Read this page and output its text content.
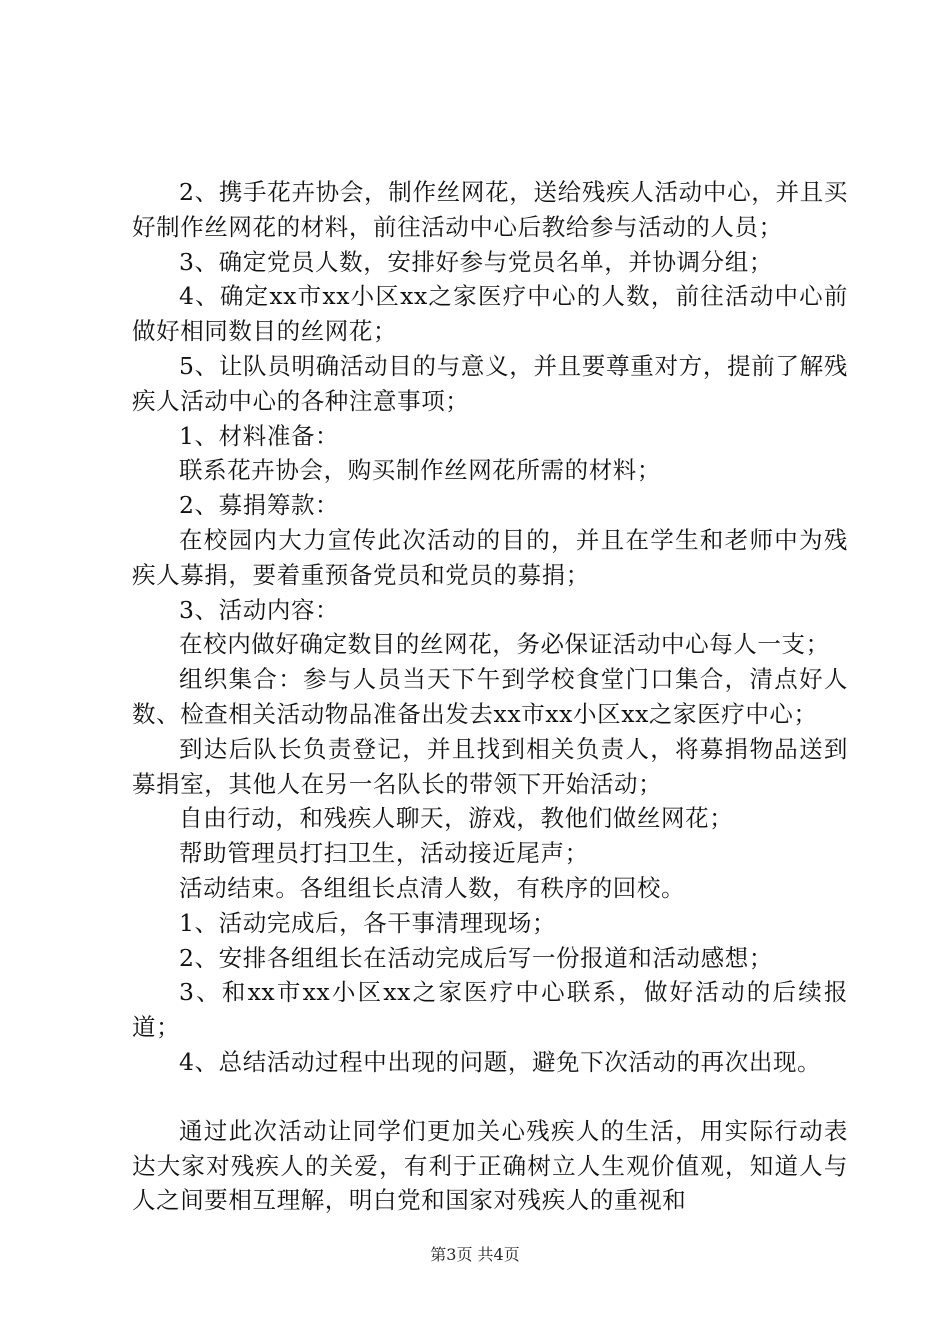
2、携手花卉协会，制作丝网花，送给残疾人活动中心，并且买好制作丝网花的材料，前往活动中心后教给参与活动的人员；

3、确定党员人数，安排好参与党员名单，并协调分组；

4、确定xx市xx小区xx之家医疗中心的人数，前往活动中心前做好相同数目的丝网花；

5、让队员明确活动目的与意义，并且要尊重对方，提前了解残疾人活动中心的各种注意事项；

1、材料准备：

联系花卉协会，购买制作丝网花所需的材料；

2、募捐筹款：

在校园内大力宣传此次活动的目的，并且在学生和老师中为残疾人募捐，要着重预备党员和党员的募捐；

3、活动内容：

在校内做好确定数目的丝网花，务必保证活动中心每人一支；

组织集合：参与人员当天下午到学校食堂门口集合，清点好人数、检查相关活动物品准备出发去xx市xx小区xx之家医疗中心；

到达后队长负责登记，并且找到相关负责人，将募捐物品送到募捐室，其他人在另一名队长的带领下开始活动；

自由行动，和残疾人聊天，游戏，教他们做丝网花；

帮助管理员打扫卫生，活动接近尾声；

活动结束。各组组长点清人数，有秩序的回校。

1、活动完成后，各干事清理现场；

2、安排各组组长在活动完成后写一份报道和活动感想；

3、和xx市xx小区xx之家医疗中心联系，做好活动的后续报道；

4、总结活动过程中出现的问题，避免下次活动的再次出现。

通过此次活动让同学们更加关心残疾人的生活，用实际行动表达大家对残疾人的关爱，有利于正确树立人生观价值观，知道人与人之间要相互理解，明白党和国家对残疾人的重视和

第3页 共4页
